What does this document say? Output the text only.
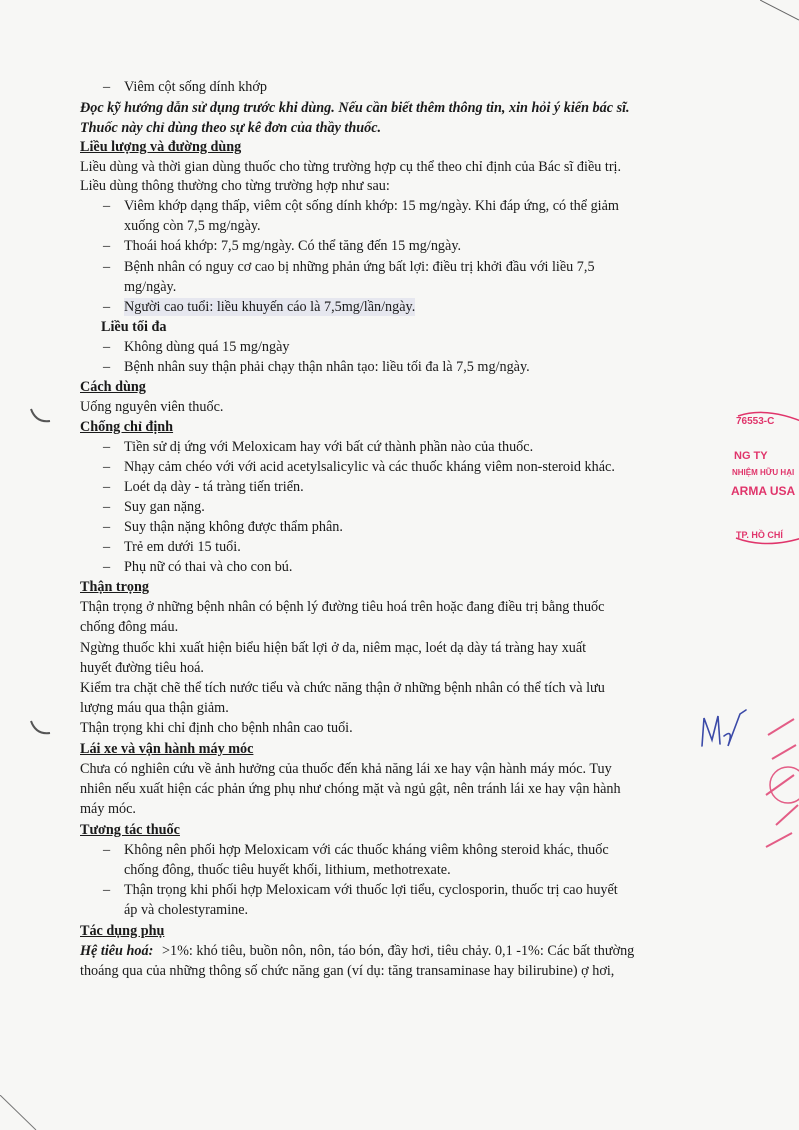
76553-C
NG TY
NHIỆM HỮU HẠI
ARMA USA
TP. HỒ CHÍ
– Viêm cột sống dính khớp
Đọc kỹ hướng dẫn sử dụng trước khi dùng. Nếu cần biết thêm thông tin, xin hỏi ý kiến bác sĩ.
Thuốc này chỉ dùng theo sự kê đơn của thầy thuốc.
Liều lượng và đường dùng
Liều dùng và thời gian dùng thuốc cho từng trường hợp cụ thể theo chỉ định của Bác sĩ điều trị.
Liều dùng thông thường cho từng trường hợp như sau:
– Viêm khớp dạng thấp, viêm cột sống dính khớp: 15 mg/ngày. Khi đáp ứng, có thể giảm
xuống còn 7,5 mg/ngày.
– Thoái hoá khớp: 7,5 mg/ngày. Có thể tăng đến 15 mg/ngày.
– Bệnh nhân có nguy cơ cao bị những phản ứng bất lợi: điều trị khởi đầu với liều 7,5
mg/ngày.
– Người cao tuổi: liều khuyến cáo là 7,5mg/lần/ngày.
Liều tối đa
– Không dùng quá 15 mg/ngày
– Bệnh nhân suy thận phải chạy thận nhân tạo: liều tối đa là 7,5 mg/ngày.
Cách dùng
Uống nguyên viên thuốc.
Chống chỉ định
– Tiền sử dị ứng với Meloxicam hay với bất cứ thành phần nào của thuốc.
– Nhạy cảm chéo với với acid acetylsalicylic và các thuốc kháng viêm non-steroid khác.
– Loét dạ dày - tá tràng tiến triển.
– Suy gan nặng.
– Suy thận nặng không được thẩm phân.
– Trẻ em dưới 15 tuổi.
– Phụ nữ có thai và cho con bú.
Thận trọng
Thận trọng ở những bệnh nhân có bệnh lý đường tiêu hoá trên hoặc đang điều trị bằng thuốc
chống đông máu.
Ngừng thuốc khi xuất hiện biểu hiện bất lợi ở da, niêm mạc, loét dạ dày tá tràng hay xuất
huyết đường tiêu hoá.
Kiểm tra chặt chẽ thể tích nước tiểu và chức năng thận ở những bệnh nhân có thể tích và lưu
lượng máu qua thận giảm.
Thận trọng khi chỉ định cho bệnh nhân cao tuổi.
Lái xe và vận hành máy móc
Chưa có nghiên cứu về ảnh hưởng của thuốc đến khả năng lái xe hay vận hành máy móc. Tuy
nhiên nếu xuất hiện các phản ứng phụ như chóng mặt và ngủ gật, nên tránh lái xe hay vận hành
máy móc.
Tương tác thuốc
– Không nên phối hợp Meloxicam với các thuốc kháng viêm không steroid khác, thuốc
chống đông, thuốc tiêu huyết khối, lithium, methotrexate.
– Thận trọng khi phối hợp Meloxicam với thuốc lợi tiểu, cyclosporin, thuốc trị cao huyết
áp và cholestyramine.
Tác dụng phụ
Hệ tiêu hoá: >1%: khó tiêu, buồn nôn, nôn, táo bón, đầy hơi, tiêu chảy. 0,1 -1%: Các bất thường
thoáng qua của những thông số chức năng gan (ví dụ: tăng transaminase hay bilirubine) ợ hơi,
